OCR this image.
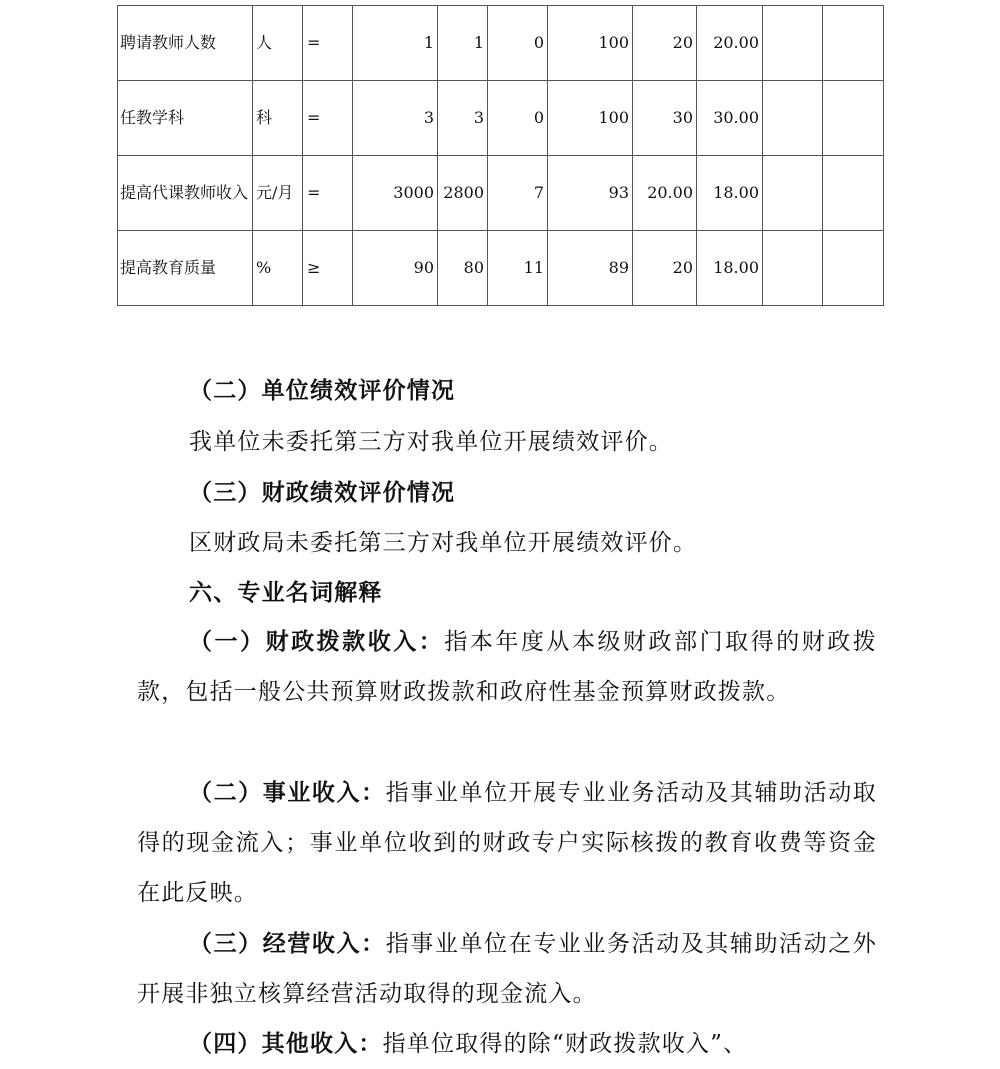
聘请教师人数	人	=	1	1	0	100	20	20.00		
任教学科	科	=	3	3	0	100	30	30.00		
提高代课教师收入	元/月	=	3000	2800	7	93	20.00	18.00		
提高教育质量	%	≥	90	80	11	89	20	18.00		

（二）单位绩效评价情况

我单位未委托第三方对我单位开展绩效评价。

（三）财政绩效评价情况

区财政局未委托第三方对我单位开展绩效评价。

六、专业名词解释

（一）财政拨款收入：指本年度从本级财政部门取得的财政拨款，包括一般公共预算财政拨款和政府性基金预算财政拨款。

（二）事业收入：指事业单位开展专业业务活动及其辅助活动取得的现金流入；事业单位收到的财政专户实际核拨的教育收费等资金在此反映。

（三）经营收入：指事业单位在专业业务活动及其辅助活动之外开展非独立核算经营活动取得的现金流入。

（四）其他收入：指单位取得的除“财政拨款收入”、
